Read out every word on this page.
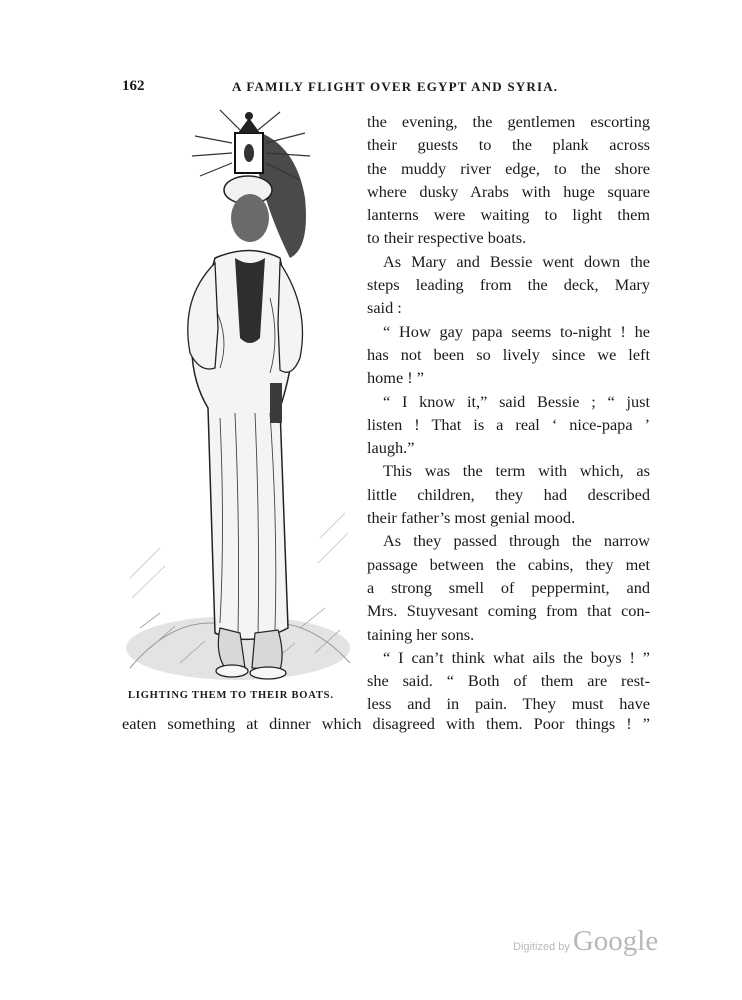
162	A FAMILY FLIGHT OVER EGYPT AND SYRIA.
LIGHTING THEM TO THEIR BOATS.
the evening, the gentlemen escorting
their guests to the plank across
the muddy river edge, to the shore
where dusky Arabs with huge square
lanterns were waiting to light them
to their respective boats.
As Mary and Bessie went down the
steps leading from the deck, Mary
said :
“ How gay papa seems to-night ! he
has not been so lively since we left
home ! ”
“ I know it,” said Bessie ; “ just
listen ! That is a real ‘ nice-papa ’
laugh.”
This was the term with which, as
little children, they had described
their father’s most genial mood.
As they passed through the narrow
passage between the cabins, they met
a strong smell of peppermint, and
Mrs. Stuyvesant coming from that con-
taining her sons.
“ I can’t think what ails the boys ! ”
she said. “ Both of them are rest-
less and in pain. They must have
eaten something at dinner which disagreed with them. Poor things ! ”
Digitized by Google
